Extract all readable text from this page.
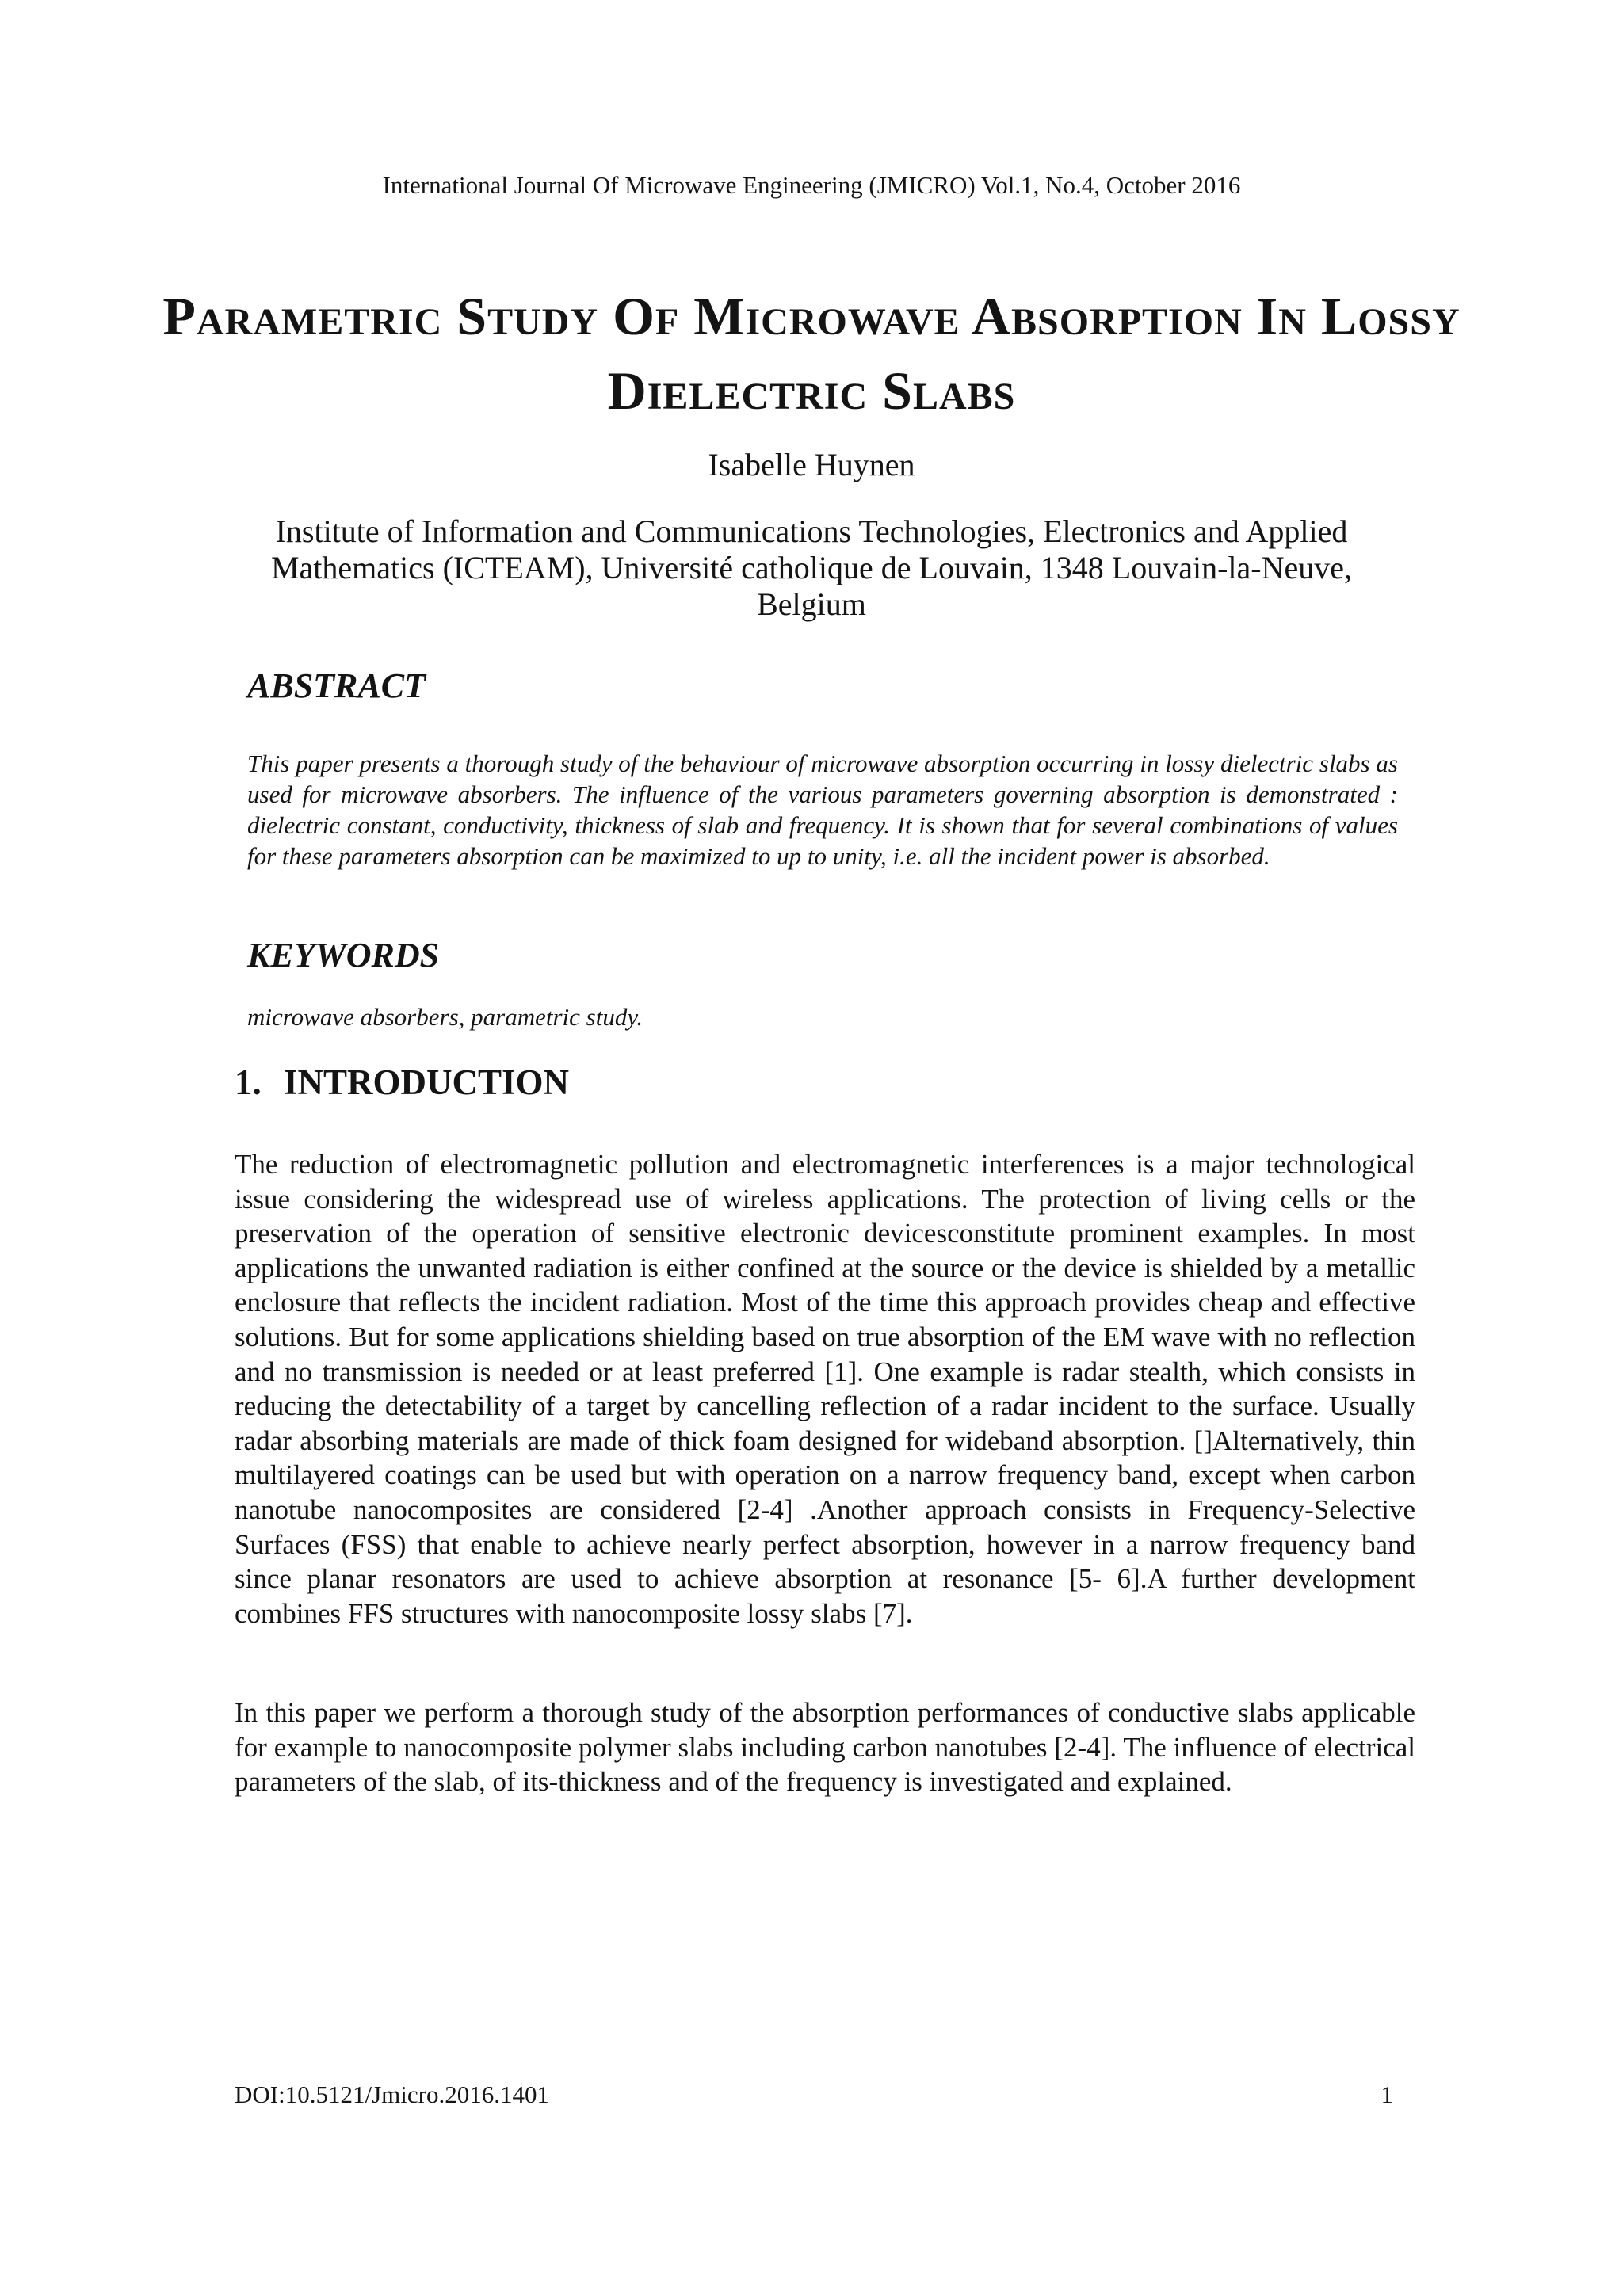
International Journal Of Microwave Engineering (JMICRO) Vol.1, No.4, October 2016
Parametric Study Of Microwave Absorption In Lossy Dielectric Slabs
Isabelle Huynen
Institute of Information and Communications Technologies, Electronics and Applied Mathematics (ICTEAM), Université catholique de Louvain, 1348 Louvain-la-Neuve, Belgium
ABSTRACT
This paper presents a thorough study of the behaviour of microwave absorption occurring in lossy dielectric slabs as used for microwave absorbers. The influence of the various parameters governing absorption is demonstrated : dielectric constant, conductivity, thickness of slab and frequency. It is shown that for several combinations of values for these parameters absorption can be maximized to up to unity, i.e. all the incident power is absorbed.
KEYWORDS
microwave absorbers, parametric study.
1. INTRODUCTION

The reduction of electromagnetic pollution and electromagnetic interferences is a major technological issue considering the widespread use of wireless applications. The protection of living cells or the preservation of the operation of sensitive electronic devicesconstitute prominent examples. In most applications the unwanted radiation is either confined at the source or the device is shielded by a metallic enclosure that reflects the incident radiation. Most of the time this approach provides cheap and effective solutions. But for some applications shielding based on true absorption of the EM wave with no reflection and no transmission is needed or at least preferred [1]. One example is radar stealth, which consists in reducing the detectability of a target by cancelling reflection of a radar incident to the surface. Usually radar absorbing materials are made of thick foam designed for wideband absorption. []Alternatively, thin multilayered coatings can be used but with operation on a narrow frequency band, except when carbon nanotube nanocomposites are considered [2-4] .Another approach consists in Frequency-Selective Surfaces (FSS) that enable to achieve nearly perfect absorption, however in a narrow frequency band since planar resonators are used to achieve absorption at resonance [5- 6].A further development combines FFS structures with nanocomposite lossy slabs [7].

In this paper we perform a thorough study of the absorption performances of conductive slabs applicable for example to nanocomposite polymer slabs including carbon nanotubes [2-4]. The influence of electrical parameters of the slab, of its-thickness and of the frequency is investigated and explained.

DOI:10.5121/Jmicro.2016.1401	1
